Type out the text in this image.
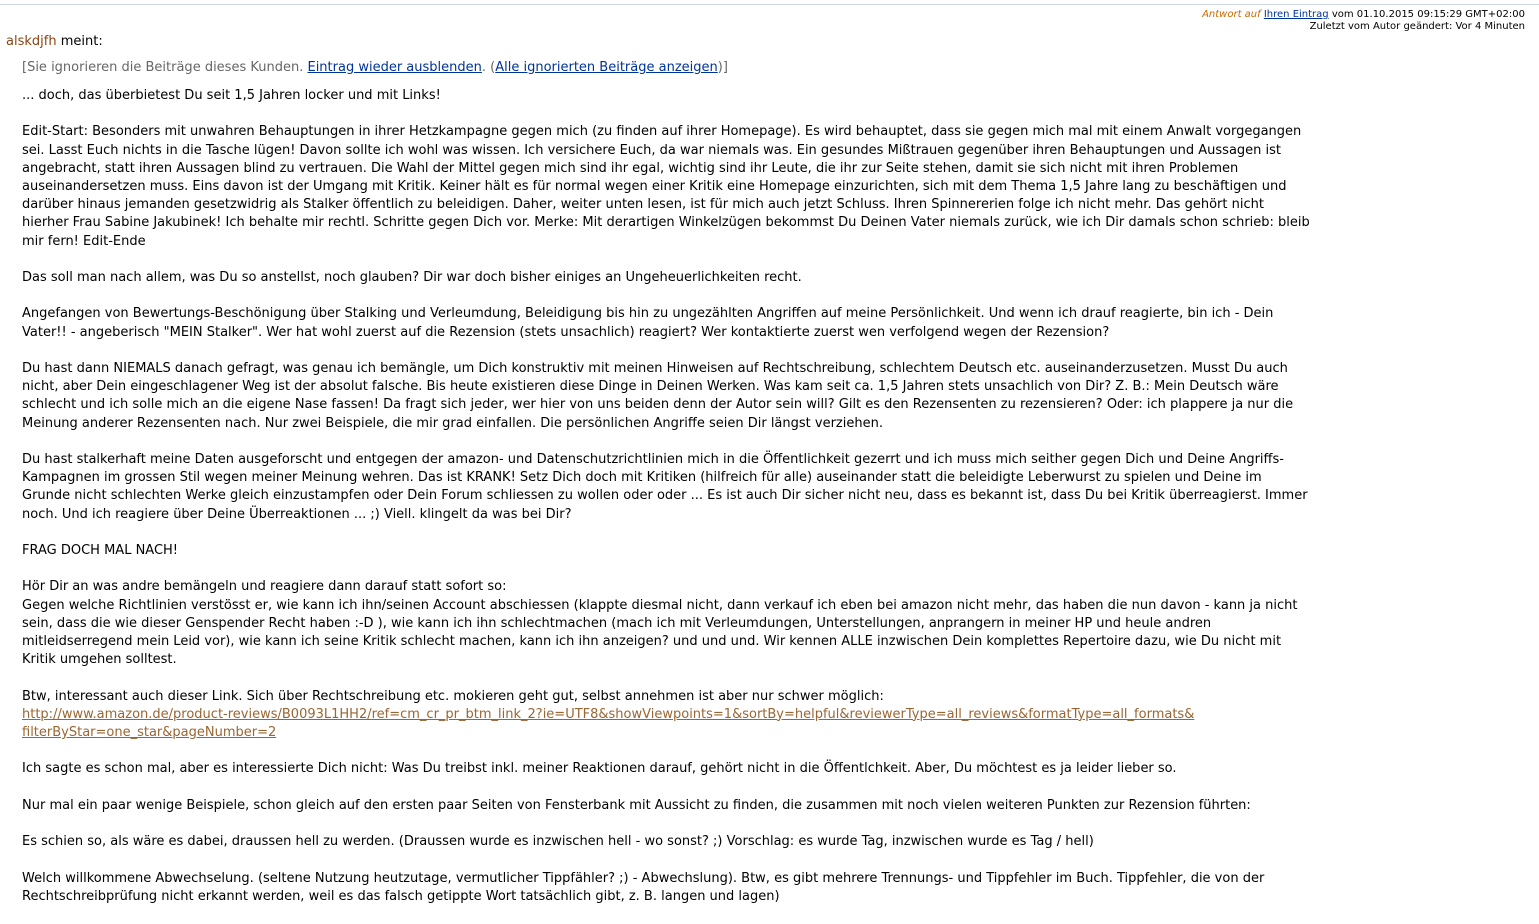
Antwort auf Ihren Eintrag vom 01.10.2015 09:15:29 GMT+02:00
Zuletzt vom Autor geändert: Vor 4 Minuten
alskdjfh meint:
[Sie ignorieren die Beiträge dieses Kunden. Eintrag wieder ausblenden. (Alle ignorierten Beiträge anzeigen)]

... doch, das überbietest Du seit 1,5 Jahren locker und mit Links!

Edit-Start: Besonders mit unwahren Behauptungen in ihrer Hetzkampagne gegen mich (zu finden auf ihrer Homepage). Es wird behauptet, dass sie gegen mich mal mit einem Anwalt vorgegangen sei. Lasst Euch nichts in die Tasche lügen! Davon sollte ich wohl was wissen. Ich versichere Euch, da war niemals was. Ein gesundes Mißtrauen gegenüber ihren Behauptungen und Aussagen ist angebracht, statt ihren Aussagen blind zu vertrauen. Die Wahl der Mittel gegen mich sind ihr egal, wichtig sind ihr Leute, die ihr zur Seite stehen, damit sie sich nicht mit ihren Problemen auseinandersetzen muss. Eins davon ist der Umgang mit Kritik. Keiner hält es für normal wegen einer Kritik eine Homepage einzurichten, sich mit dem Thema 1,5 Jahre lang zu beschäftigen und darüber hinaus jemanden gesetzwidrig als Stalker öffentlich zu beleidigen. Daher, weiter unten lesen, ist für mich auch jetzt Schluss. Ihren Spinnererien folge ich nicht mehr. Das gehört nicht hierher Frau Sabine Jakubinek! Ich behalte mir rechtl. Schritte gegen Dich vor. Merke: Mit derartigen Winkelzügen bekommst Du Deinen Vater niemals zurück, wie ich Dir damals schon schrieb: bleib mir fern! Edit-Ende

Das soll man nach allem, was Du so anstellst, noch glauben? Dir war doch bisher einiges an Ungeheuerlichkeiten recht.

Angefangen von Bewertungs-Beschönigung über Stalking und Verleumdung, Beleidigung bis hin zu ungezählten Angriffen auf meine Persönlichkeit. Und wenn ich drauf reagierte, bin ich - Dein Vater!! - angeberisch "MEIN Stalker". Wer hat wohl zuerst auf die Rezension (stets unsachlich) reagiert? Wer kontaktierte zuerst wen verfolgend wegen der Rezension?

Du hast dann NIEMALS danach gefragt, was genau ich bemängle, um Dich konstruktiv mit meinen Hinweisen auf Rechtschreibung, schlechtem Deutsch etc. auseinanderzusetzen. Musst Du auch nicht, aber Dein eingeschlagener Weg ist der absolut falsche. Bis heute existieren diese Dinge in Deinen Werken. Was kam seit ca. 1,5 Jahren stets unsachlich von Dir? Z. B.: Mein Deutsch wäre schlecht und ich solle mich an die eigene Nase fassen! Da fragt sich jeder, wer hier von uns beiden denn der Autor sein will? Gilt es den Rezensenten zu rezensieren? Oder: ich plappere ja nur die Meinung anderer Rezensenten nach. Nur zwei Beispiele, die mir grad einfallen. Die persönlichen Angriffe seien Dir längst verziehen.

Du hast stalkerhaft meine Daten ausgeforscht und entgegen der amazon- und Datenschutzrichtlinien mich in die Öffentlichkeit gezerrt und ich muss mich seither gegen Dich und Deine Angriffs-Kampagnen im grossen Stil wegen meiner Meinung wehren. Das ist KRANK! Setz Dich doch mit Kritiken (hilfreich für alle) auseinander statt die beleidigte Leberwurst zu spielen und Deine im Grunde nicht schlechten Werke gleich einzustampfen oder Dein Forum schliessen zu wollen oder oder ... Es ist auch Dir sicher nicht neu, dass es bekannt ist, dass Du bei Kritik überreagierst. Immer noch. Und ich reagiere über Deine Überreaktionen ... ;) Viell. klingelt da was bei Dir?

FRAG DOCH MAL NACH!

Hör Dir an was andre bemängeln und reagiere dann darauf statt sofort so:
Gegen welche Richtlinien verstösst er, wie kann ich ihn/seinen Account abschiessen (klappte diesmal nicht, dann verkauf ich eben bei amazon nicht mehr, das haben die nun davon - kann ja nicht sein, dass die wie dieser Genspender Recht haben :-D ), wie kann ich ihn schlechtmachen (mach ich mit Verleumdungen, Unterstellungen, anprangern in meiner HP und heule andren mitleidserregend mein Leid vor), wie kann ich seine Kritik schlecht machen, kann ich ihn anzeigen? und und und. Wir kennen ALLE inzwischen Dein komplettes Repertoire dazu, wie Du nicht mit Kritik umgehen solltest.

Btw, interessant auch dieser Link. Sich über Rechtschreibung etc. mokieren geht gut, selbst annehmen ist aber nur schwer möglich:
http://www.amazon.de/product-reviews/B0093L1HH2/ref=cm_cr_pr_btm_link_2?ie=UTF8&showViewpoints=1&sortBy=helpful&reviewerType=all_reviews&formatType=all_formats&
filterByStar=one_star&pageNumber=2

Ich sagte es schon mal, aber es interessierte Dich nicht: Was Du treibst inkl. meiner Reaktionen darauf, gehört nicht in die Öffentlchkeit. Aber, Du möchtest es ja leider lieber so.

Nur mal ein paar wenige Beispiele, schon gleich auf den ersten paar Seiten von Fensterbank mit Aussicht zu finden, die zusammen mit noch vielen weiteren Punkten zur Rezension führten:

Es schien so, als wäre es dabei, draussen hell zu werden. (Draussen wurde es inzwischen hell - wo sonst? ;) Vorschlag: es wurde Tag, inzwischen wurde es Tag / hell)

Welch willkommene Abwechselung. (seltene Nutzung heutzutage, vermutlicher Tippfähler? ;) - Abwechslung). Btw, es gibt mehrere Trennungs- und Tippfehler im Buch. Tippfehler, die von der Rechtschreibprüfung nicht erkannt werden, weil es das falsch getippte Wort tatsächlich gibt, z. B. langen und lagen)
